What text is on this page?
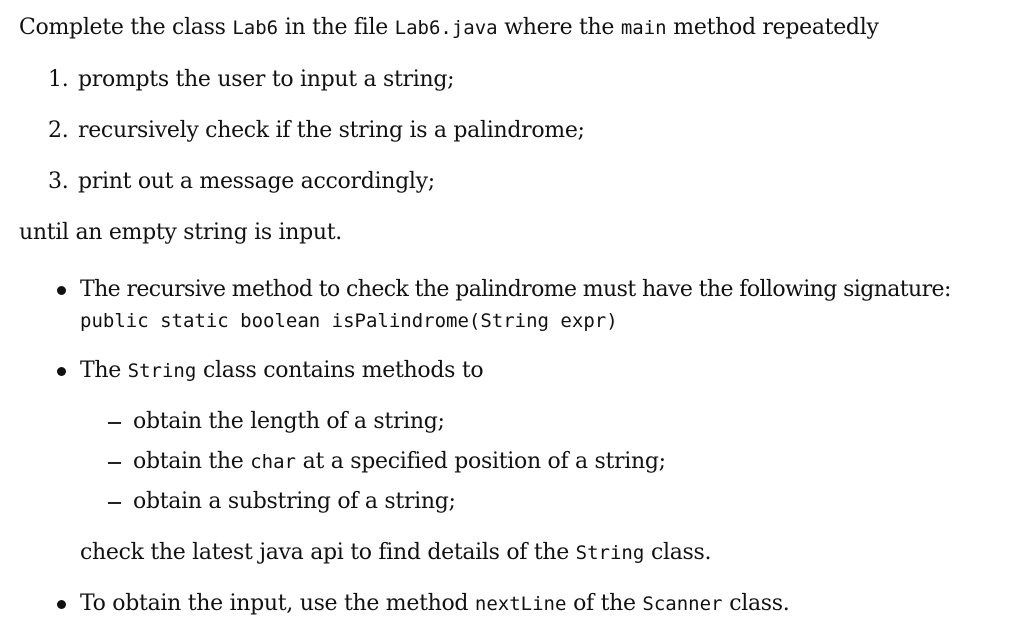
Complete the class Lab6 in the file Lab6.java where the main method repeatedly
1. prompts the user to input a string;
2. recursively check if the string is a palindrome;
3. print out a message accordingly;
until an empty string is input.
The recursive method to check the palindrome must have the following signature:
public static boolean isPalindrome(String expr)
The String class contains methods to
obtain the length of a string;
obtain the char at a specified position of a string;
obtain a substring of a string;
check the latest java api to find details of the String class.
To obtain the input, use the method nextLine of the Scanner class.
